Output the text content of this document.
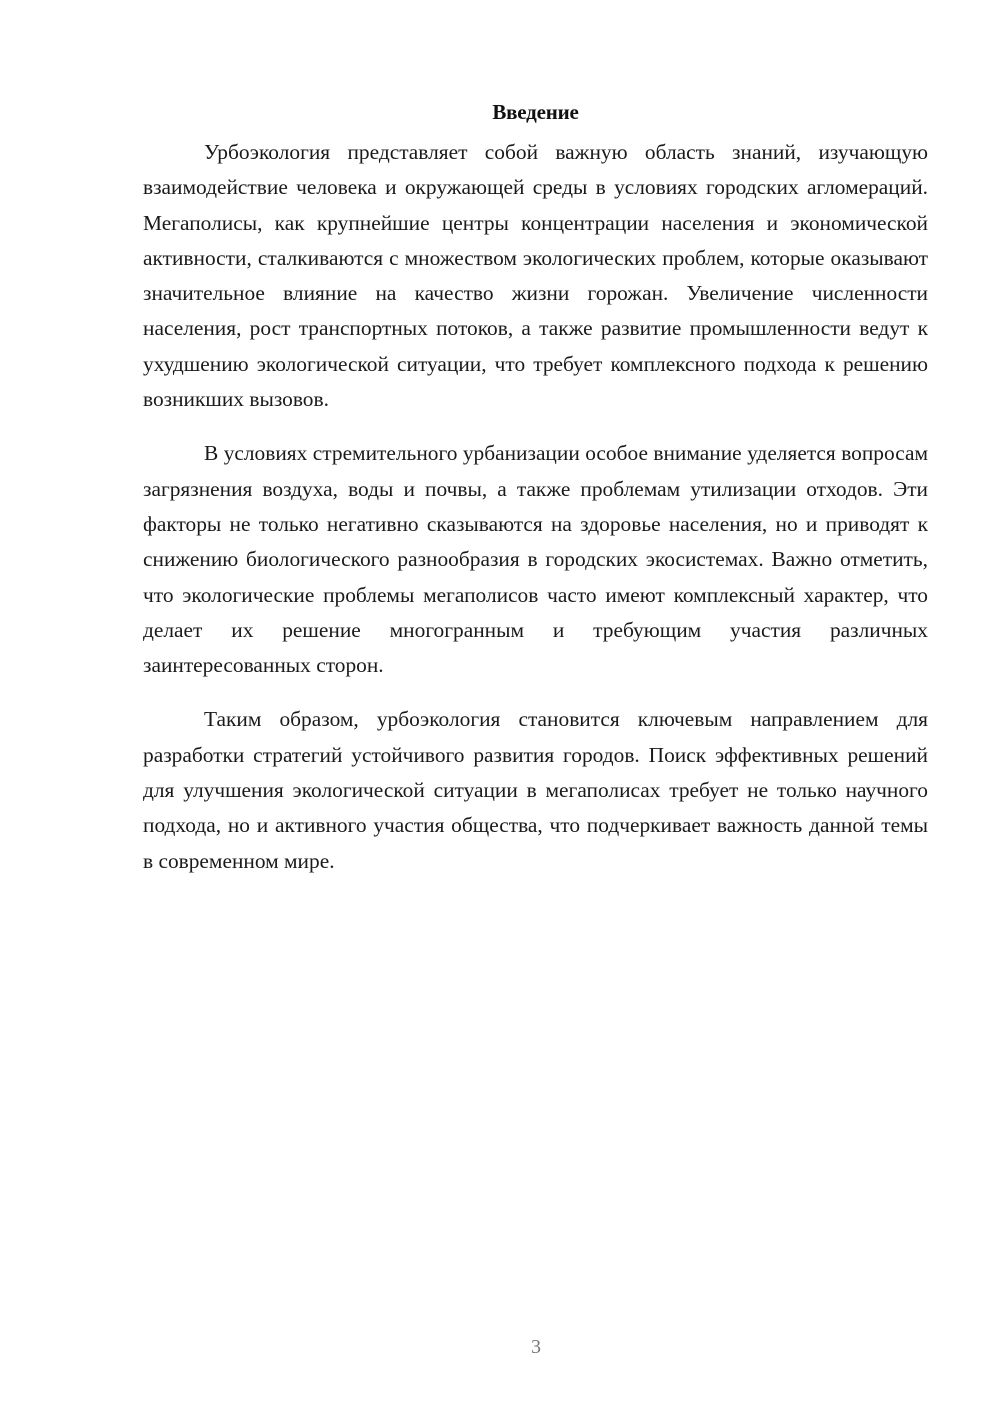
Введение

Урбоэкология представляет собой важную область знаний, изучающую взаимодействие человека и окружающей среды в условиях городских агломераций. Мегаполисы, как крупнейшие центры концентрации населения и экономической активности, сталкиваются с множеством экологических проблем, которые оказывают значительное влияние на качество жизни горожан. Увеличение численности населения, рост транспортных потоков, а также развитие промышленности ведут к ухудшению экологической ситуации, что требует комплексного подхода к решению возникших вызовов.

В условиях стремительного урбанизации особое внимание уделяется вопросам загрязнения воздуха, воды и почвы, а также проблемам утилизации отходов. Эти факторы не только негативно сказываются на здоровье населения, но и приводят к снижению биологического разнообразия в городских экосистемах. Важно отметить, что экологические проблемы мегаполисов часто имеют комплексный характер, что делает их решение многогранным и требующим участия различных заинтересованных сторон.

Таким образом, урбоэкология становится ключевым направлением для разработки стратегий устойчивого развития городов. Поиск эффективных решений для улучшения экологической ситуации в мегаполисах требует не только научного подхода, но и активного участия общества, что подчеркивает важность данной темы в современном мире.

3
